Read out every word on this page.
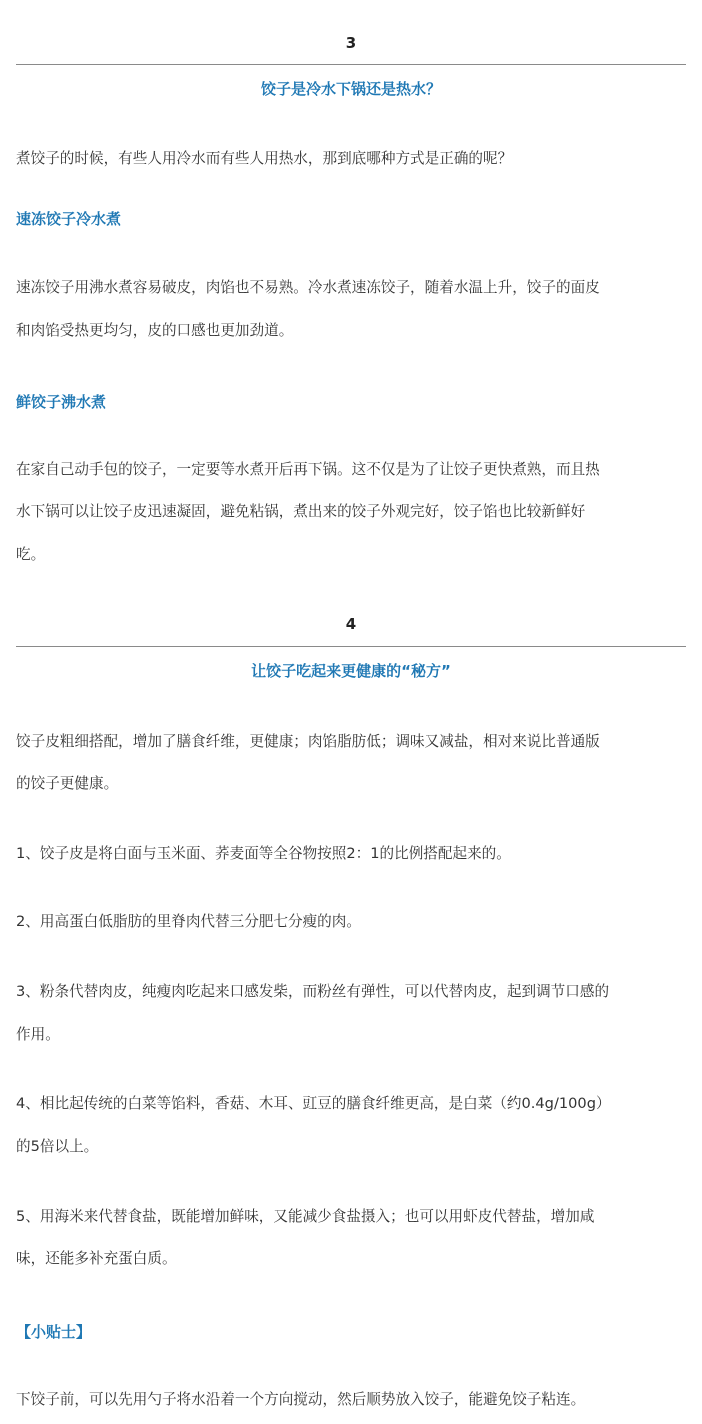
3
饺子是冷水下锅还是热水？
煮饺子的时候，有些人用冷水而有些人用热水，那到底哪种方式是正确的呢？
速冻饺子冷水煮
速冻饺子用沸水煮容易破皮，肉馅也不易熟。冷水煮速冻饺子，随着水温上升，饺子的面皮
和肉馅受热更均匀，皮的口感也更加劲道。
鲜饺子沸水煮
在家自己动手包的饺子，一定要等水煮开后再下锅。这不仅是为了让饺子更快煮熟，而且热
水下锅可以让饺子皮迅速凝固，避免粘锅，煮出来的饺子外观完好，饺子馅也比较新鲜好
吃。
4
让饺子吃起来更健康的“秘方”
饺子皮粗细搭配，增加了膳食纤维，更健康；肉馅脂肪低；调味又减盐，相对来说比普通版
的饺子更健康。
1、饺子皮是将白面与玉米面、荞麦面等全谷物按照2：1的比例搭配起来的。
2、用高蛋白低脂肪的里脊肉代替三分肥七分瘦的肉。
3、粉条代替肉皮，纯瘦肉吃起来口感发柴，而粉丝有弹性，可以代替肉皮，起到调节口感的
作用。
4、相比起传统的白菜等馅料，香菇、木耳、豇豆的膳食纤维更高，是白菜（约0.4g/100g）
的5倍以上。
5、用海米来代替食盐，既能增加鲜味，又能减少食盐摄入；也可以用虾皮代替盐，增加咸
味，还能多补充蛋白质。
【小贴士】
下饺子前，可以先用勺子将水沿着一个方向搅动，然后顺势放入饺子，能避免饺子粘连。
